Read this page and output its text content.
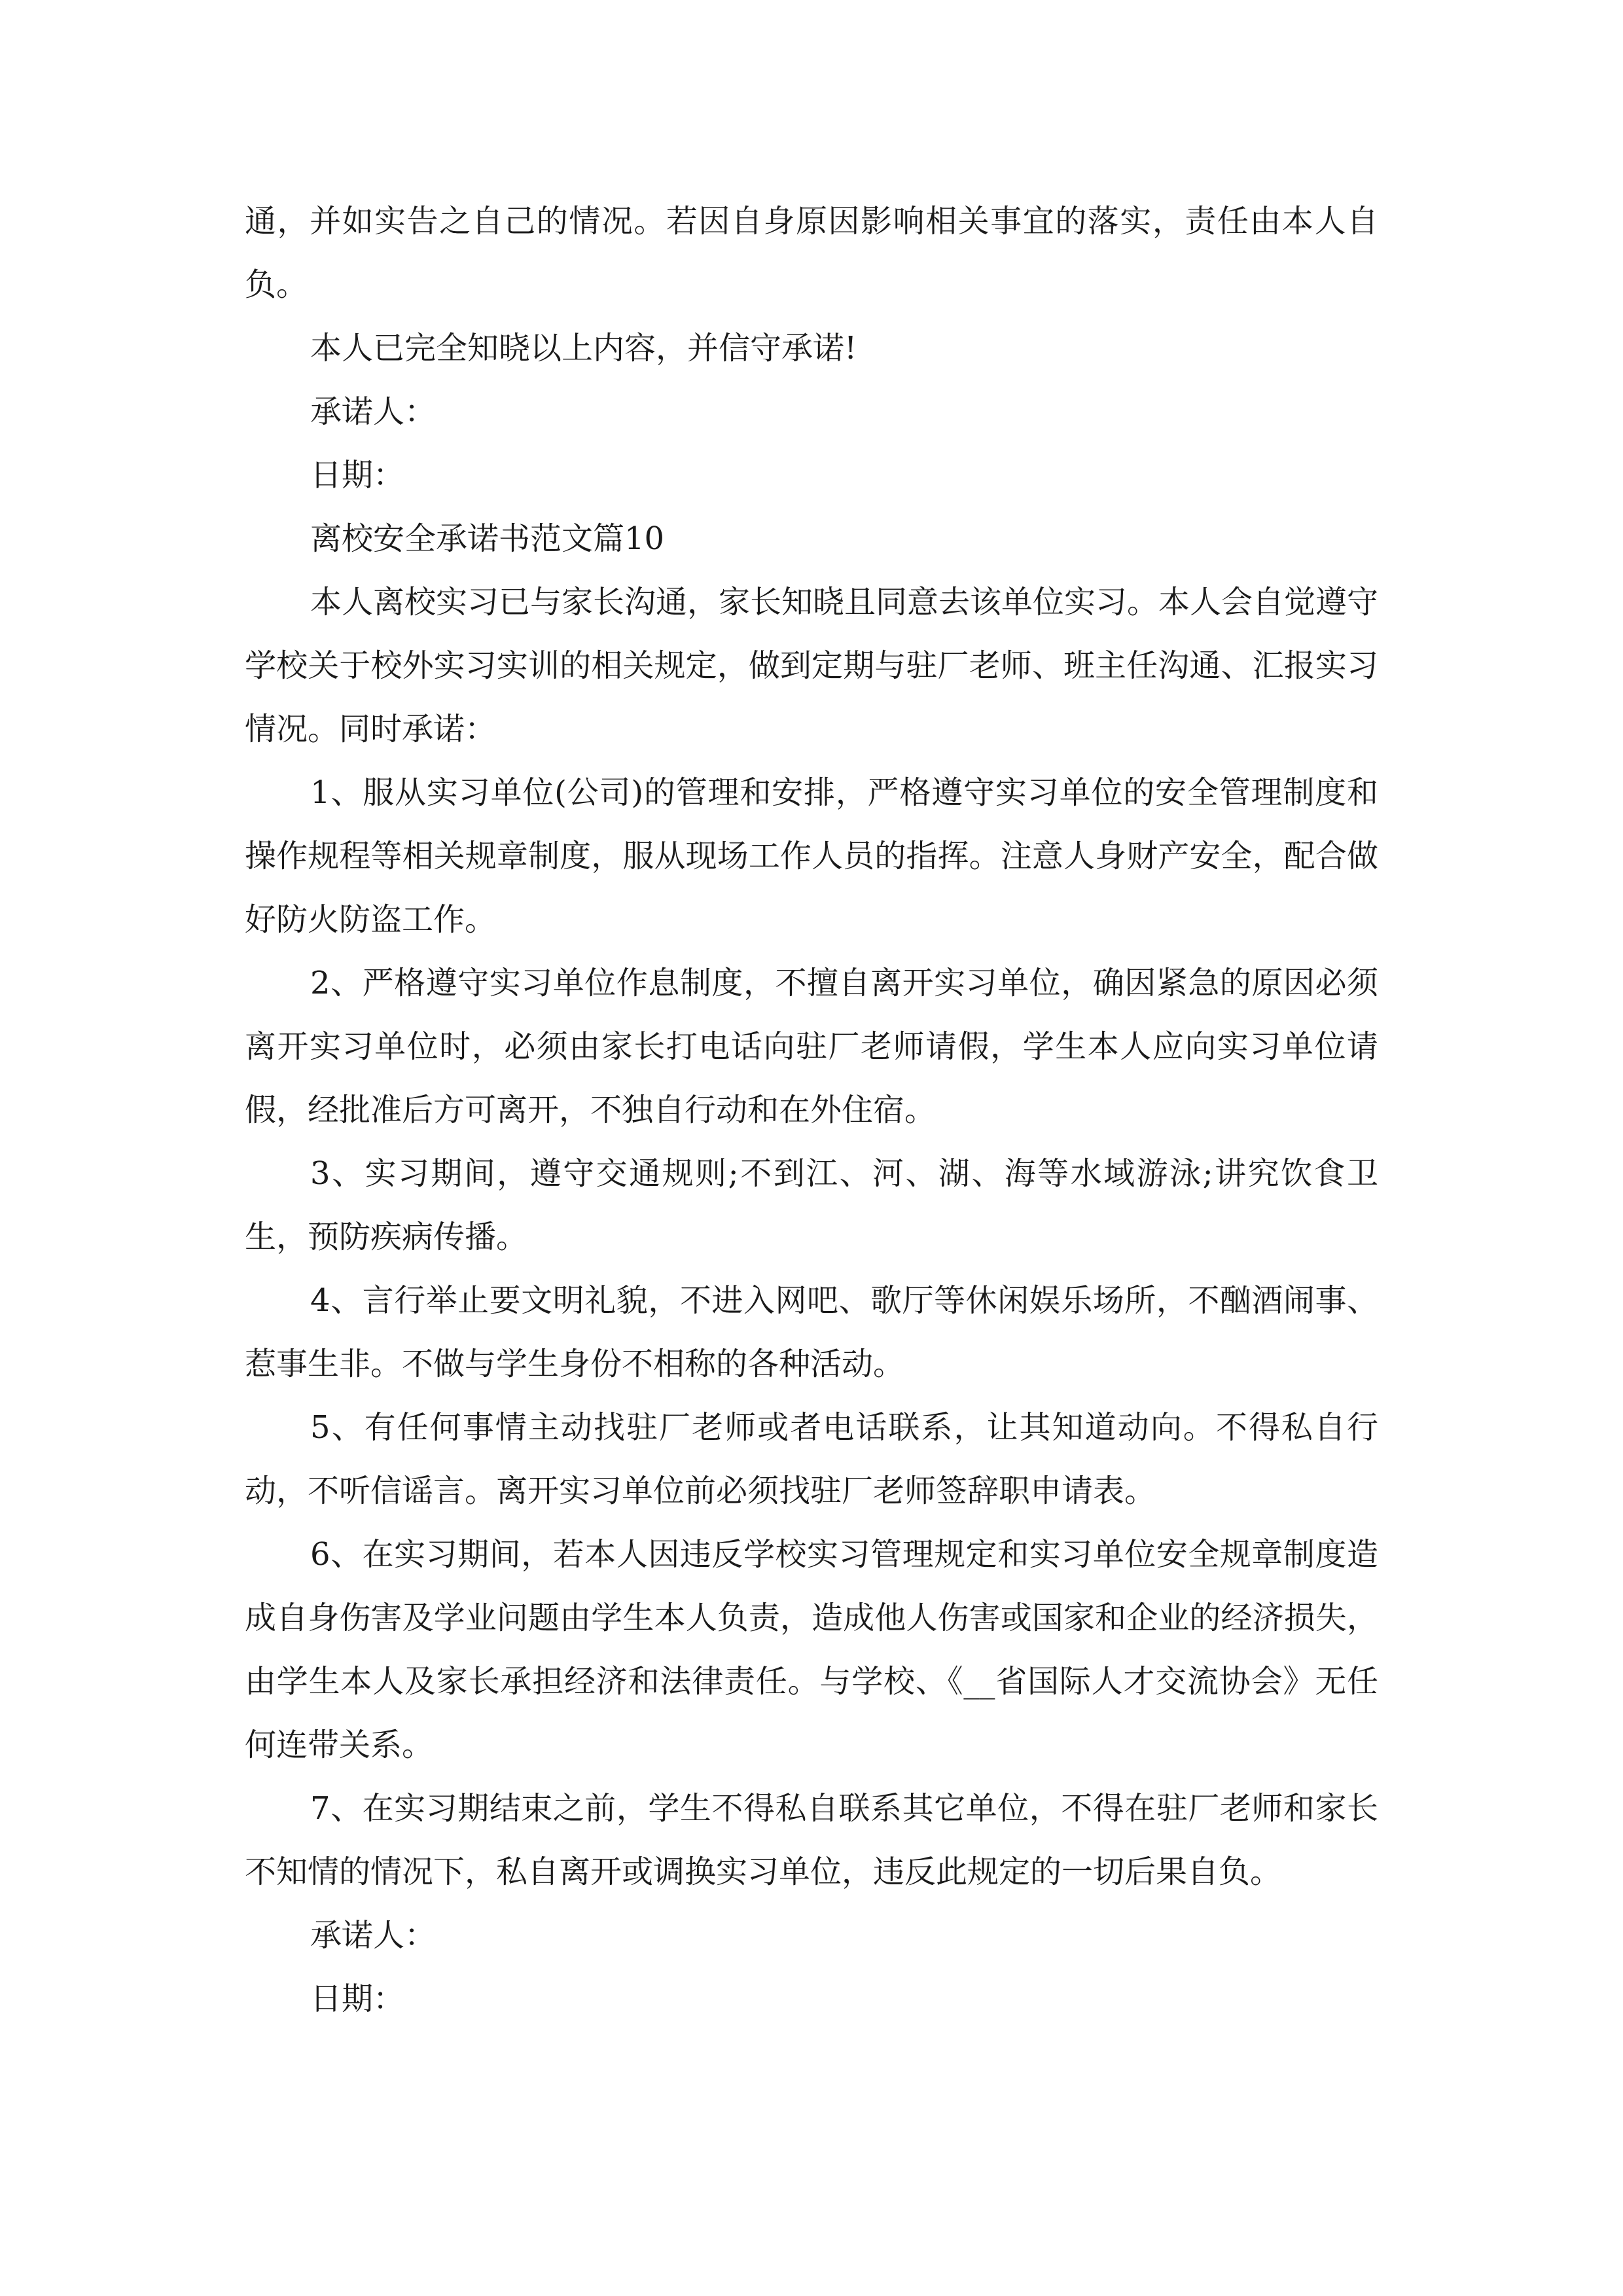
通，并如实告之自己的情况。若因自身原因影响相关事宜的落实，责任由本人自负。

本人已完全知晓以上内容，并信守承诺!

承诺人：

日期：

离校安全承诺书范文篇10

本人离校实习已与家长沟通，家长知晓且同意去该单位实习。本人会自觉遵守学校关于校外实习实训的相关规定，做到定期与驻厂老师、班主任沟通、汇报实习情况。同时承诺：

1、服从实习单位(公司)的管理和安排，严格遵守实习单位的安全管理制度和操作规程等相关规章制度，服从现场工作人员的指挥。注意人身财产安全，配合做好防火防盗工作。

2、严格遵守实习单位作息制度，不擅自离开实习单位，确因紧急的原因必须离开实习单位时，必须由家长打电话向驻厂老师请假，学生本人应向实习单位请假，经批准后方可离开，不独自行动和在外住宿。

3、实习期间，遵守交通规则;不到江、河、湖、海等水域游泳;讲究饮食卫生，预防疾病传播。

4、言行举止要文明礼貌，不进入网吧、歌厅等休闲娱乐场所，不酗酒闹事、惹事生非。不做与学生身份不相称的各种活动。

5、有任何事情主动找驻厂老师或者电话联系，让其知道动向。不得私自行动，不听信谣言。离开实习单位前必须找驻厂老师签辞职申请表。

6、在实习期间，若本人因违反学校实习管理规定和实习单位安全规章制度造成自身伤害及学业问题由学生本人负责，造成他人伤害或国家和企业的经济损失，由学生本人及家长承担经济和法律责任。与学校、《__省国际人才交流协会》无任何连带关系。

7、在实习期结束之前，学生不得私自联系其它单位，不得在驻厂老师和家长不知情的情况下，私自离开或调换实习单位，违反此规定的一切后果自负。

承诺人：

日期：
